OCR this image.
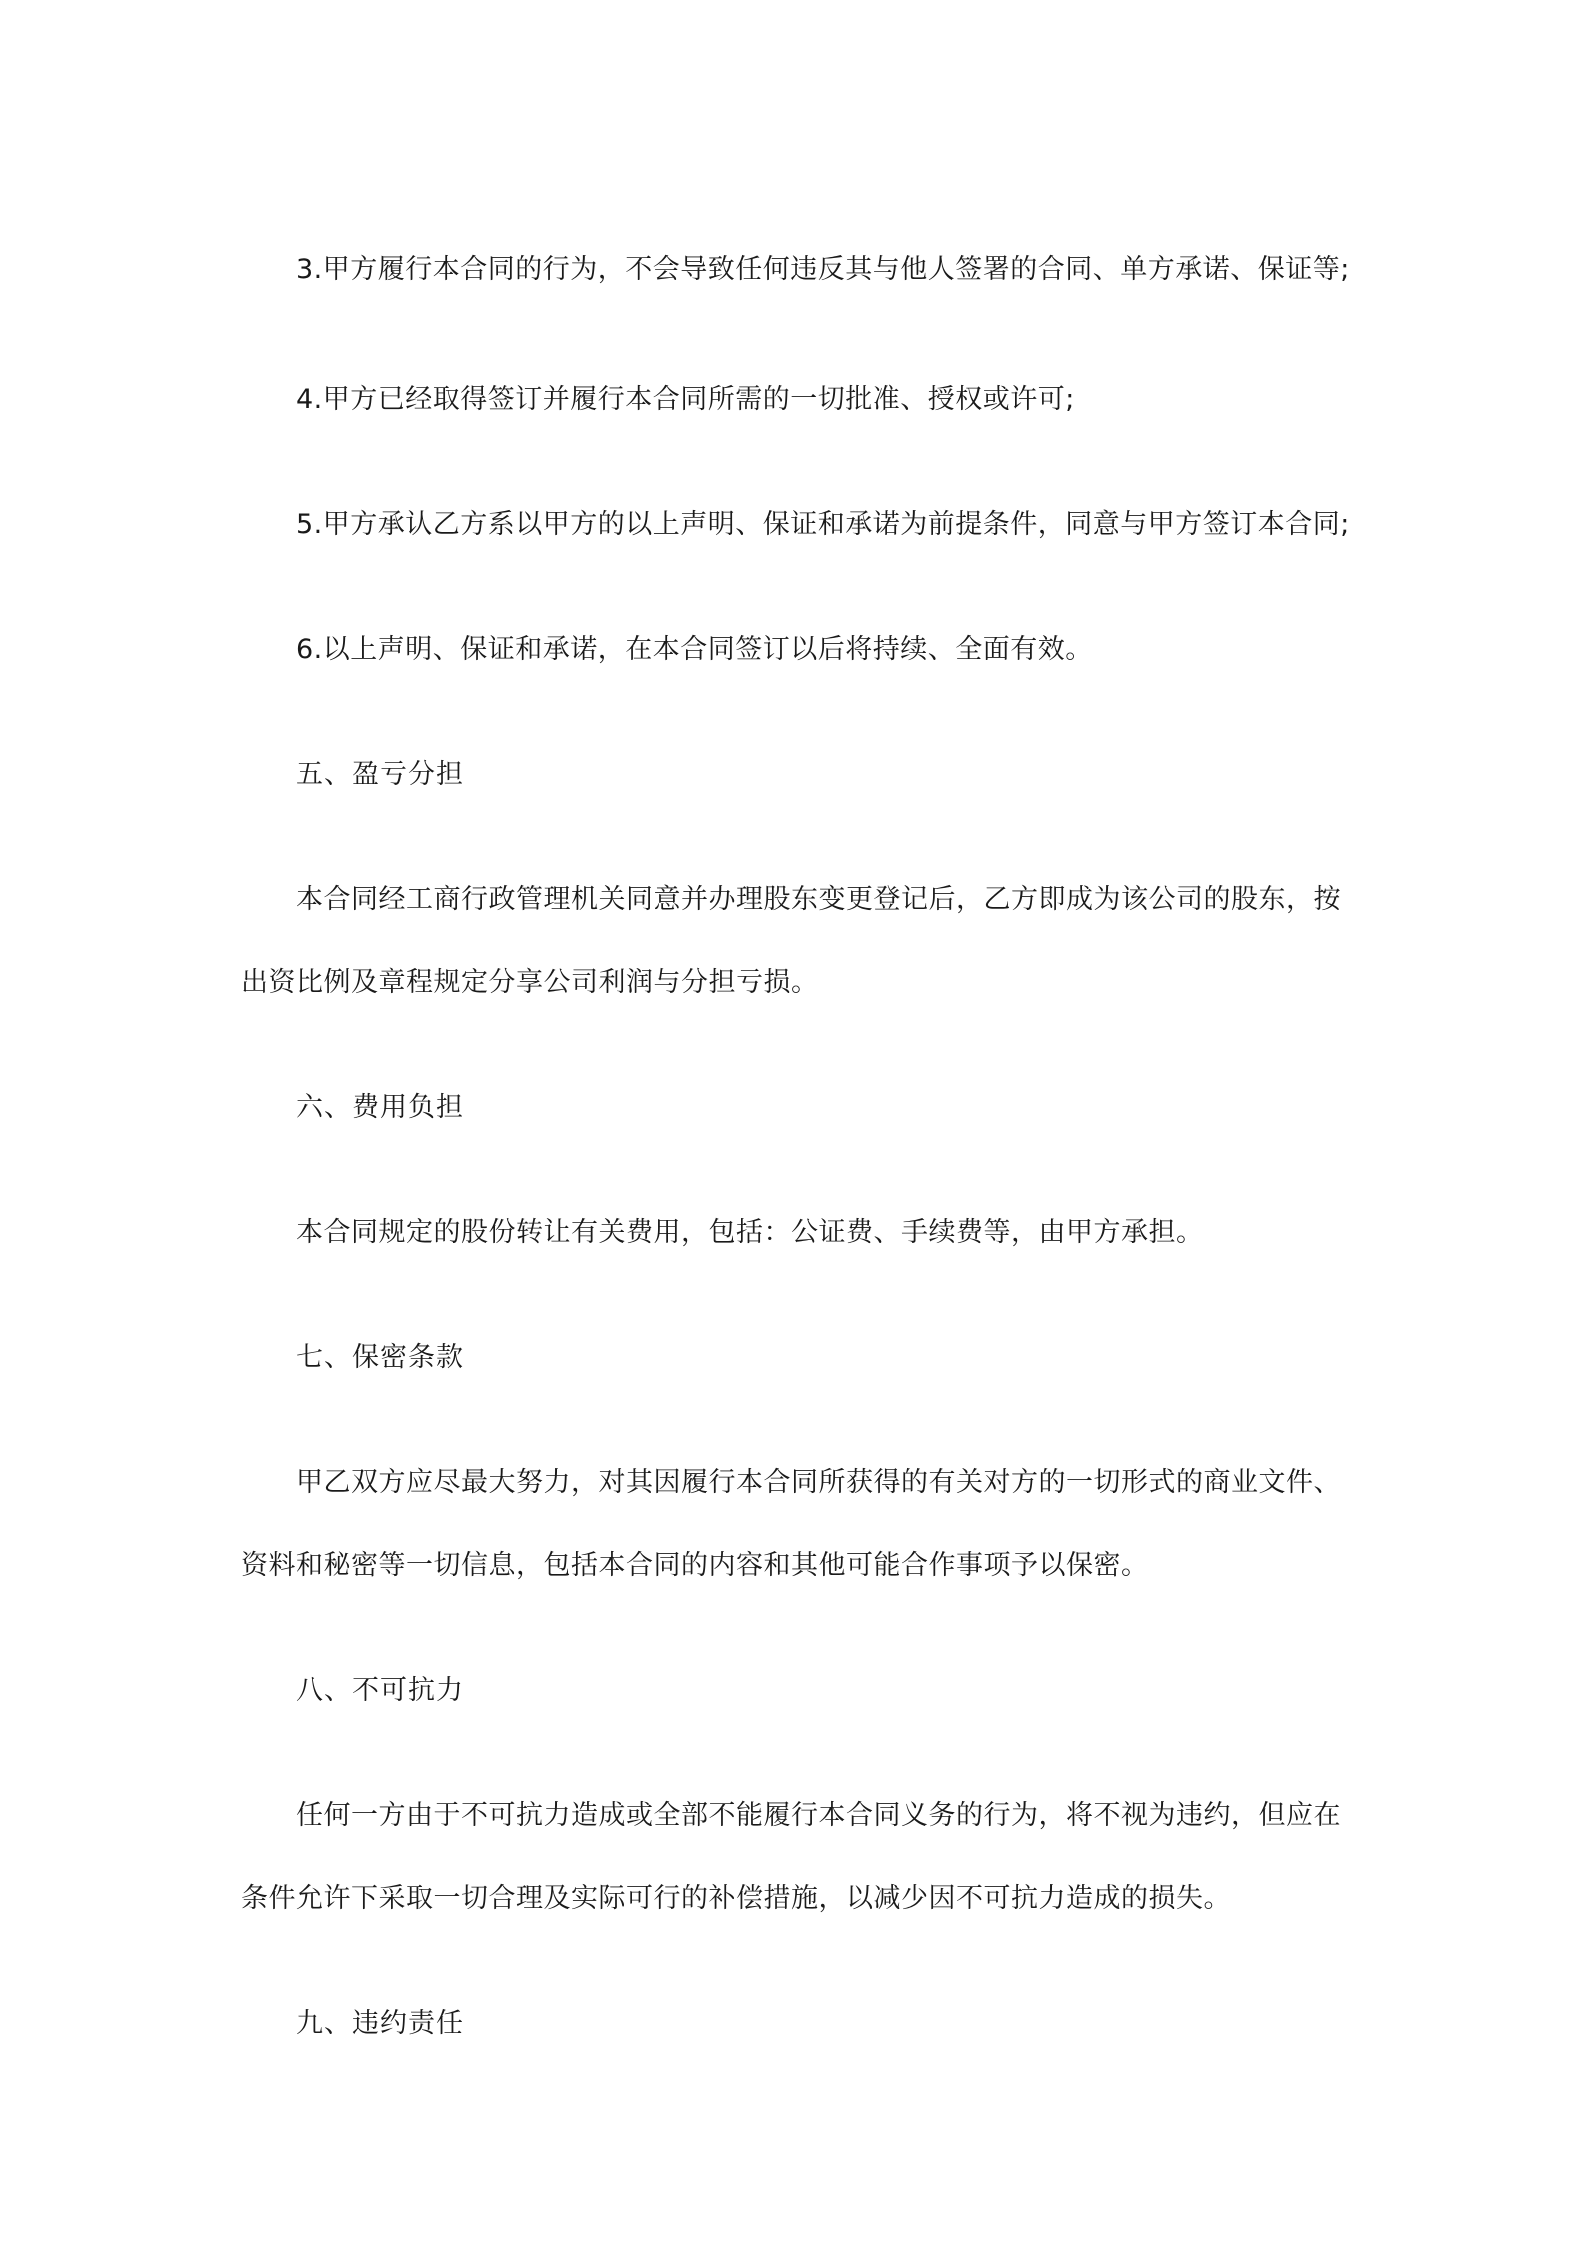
3.甲方履行本合同的行为，不会导致任何违反其与他人签署的合同、单方承诺、保证等;
4.甲方已经取得签订并履行本合同所需的一切批准、授权或许可;
5.甲方承认乙方系以甲方的以上声明、保证和承诺为前提条件，同意与甲方签订本合同;
6.以上声明、保证和承诺，在本合同签订以后将持续、全面有效。
五、盈亏分担
本合同经工商行政管理机关同意并办理股东变更登记后，乙方即成为该公司的股东，按
出资比例及章程规定分享公司利润与分担亏损。
六、费用负担
本合同规定的股份转让有关费用，包括：公证费、手续费等，由甲方承担。
七、保密条款
甲乙双方应尽最大努力，对其因履行本合同所获得的有关对方的一切形式的商业文件、
资料和秘密等一切信息，包括本合同的内容和其他可能合作事项予以保密。
八、不可抗力
任何一方由于不可抗力造成或全部不能履行本合同义务的行为，将不视为违约，但应在
条件允许下采取一切合理及实际可行的补偿措施，以减少因不可抗力造成的损失。
九、违约责任
